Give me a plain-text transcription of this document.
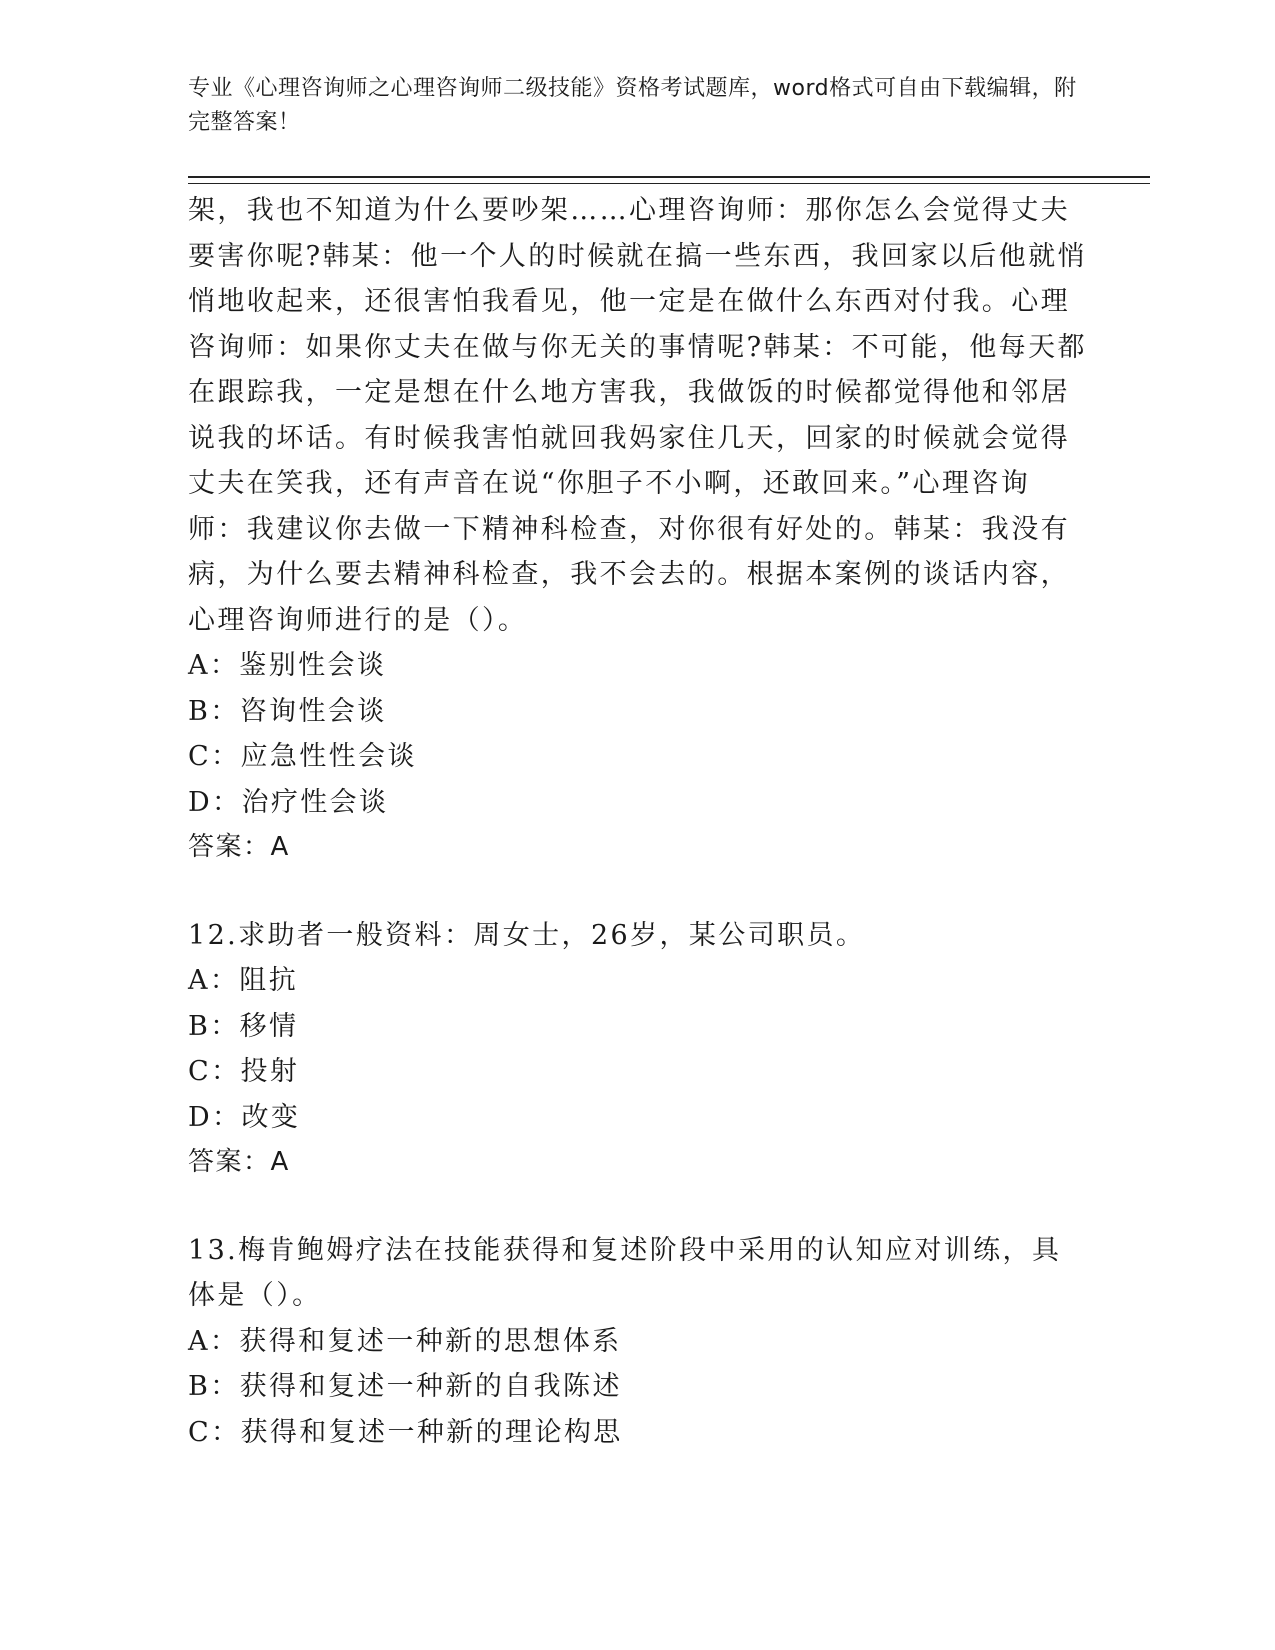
专业《心理咨询师之心理咨询师二级技能》资格考试题库，word格式可自由下载编辑，附完整答案！

架，我也不知道为什么要吵架……心理咨询师：那你怎么会觉得丈夫要害你呢?韩某：他一个人的时候就在搞一些东西，我回家以后他就悄悄地收起来，还很害怕我看见，他一定是在做什么东西对付我。心理咨询师：如果你丈夫在做与你无关的事情呢?韩某：不可能，他每天都在跟踪我，一定是想在什么地方害我，我做饭的时候都觉得他和邻居说我的坏话。有时候我害怕就回我妈家住几天，回家的时候就会觉得丈夫在笑我，还有声音在说“你胆子不小啊，还敢回来。”心理咨询师：我建议你去做一下精神科检查，对你很有好处的。韩某：我没有病，为什么要去精神科检查，我不会去的。根据本案例的谈话内容，心理咨询师进行的是（）。

A：鉴别性会谈

B：咨询性会谈

C：应急性性会谈

D：治疗性会谈

答案：A

12.求助者一般资料：周女士，26岁，某公司职员。

A：阻抗

B：移情

C：投射

D：改变

答案：A

13.梅肯鲍姆疗法在技能获得和复述阶段中采用的认知应对训练，具体是（）。

A：获得和复述一种新的思想体系

B：获得和复述一种新的自我陈述

C：获得和复述一种新的理论构思
